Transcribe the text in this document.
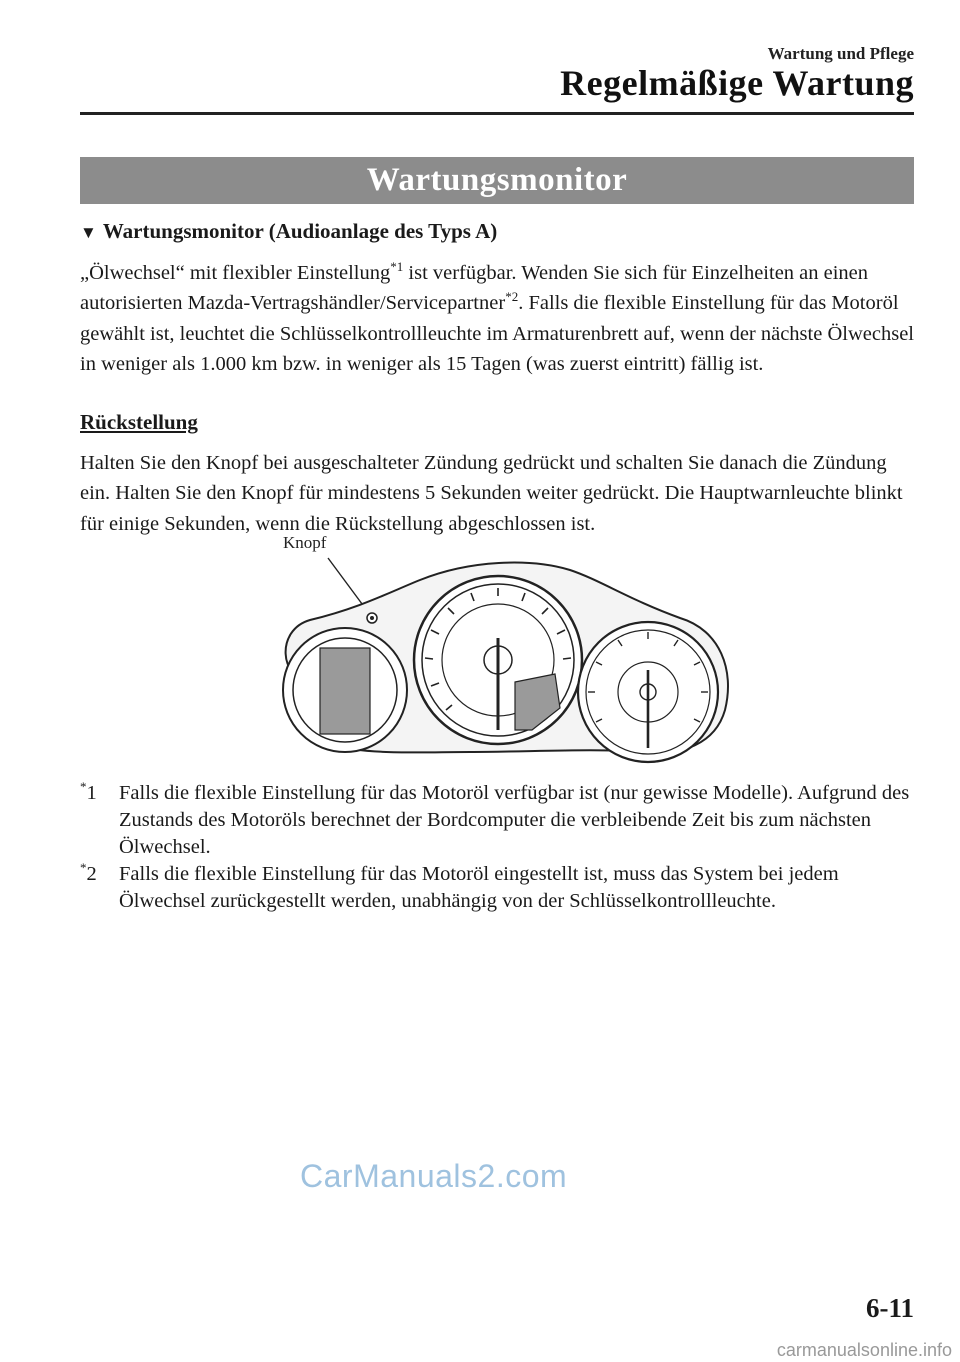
Wartung und Pflege
Regelmäßige Wartung
Wartungsmonitor
▼ Wartungsmonitor (Audioanlage des Typs A)

„Ölwechsel“ mit flexibler Einstellung$^{*1}$ ist verfügbar. Wenden Sie sich für Einzelheiten an einen autorisierten Mazda-Vertragshändler/Servicepartner$^{*2}$. Falls die flexible Einstellung für das Motoröl gewählt ist, leuchtet die Schlüsselkontrollleuchte im Armaturenbrett auf, wenn der nächste Ölwechsel in weniger als 1.000 km bzw. in weniger als 15 Tagen (was zuerst eintritt) fällig ist.

Rückstellung

Halten Sie den Knopf bei ausgeschalteter Zündung gedrückt und schalten Sie danach die Zündung ein. Halten Sie den Knopf für mindestens 5 Sekunden weiter gedrückt. Die Hauptwarnleuchte blinkt für einige Sekunden, wenn die Rückstellung abgeschlossen ist.

Knopf
*1 Falls die flexible Einstellung für das Motoröl verfügbar ist (nur gewisse Modelle). Aufgrund des Zustands des Motoröls berechnet der Bordcomputer die verbleibende Zeit bis zum nächsten Ölwechsel.
*2 Falls die flexible Einstellung für das Motoröl eingestellt ist, muss das System bei jedem Ölwechsel zurückgestellt werden, unabhängig von der Schlüsselkontrollleuchte.
CarManuals2.com
6-11
carmanualsonline.info
